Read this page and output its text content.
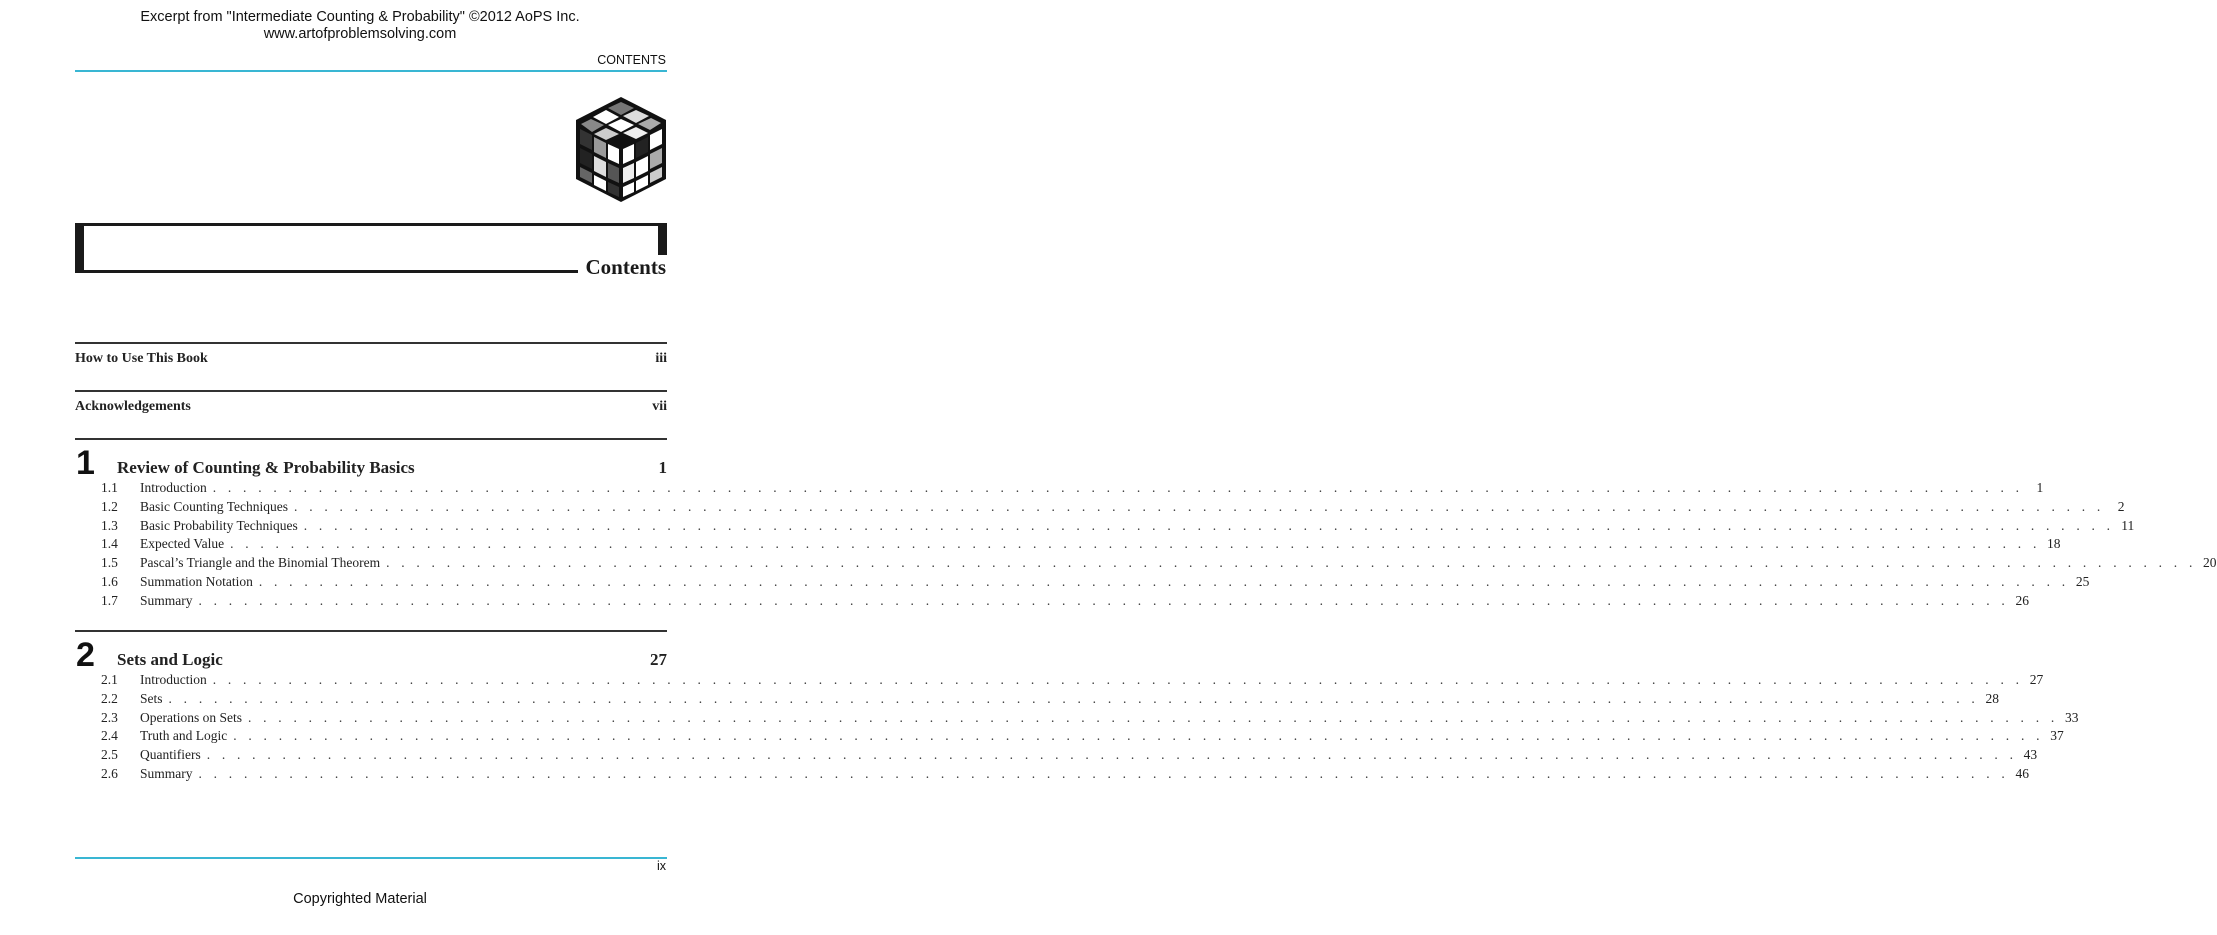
Excerpt from "Intermediate Counting & Probability" ©2012 AoPS Inc.
www.artofproblemsolving.com
CONTENTS
Contents
How to Use This Book	iii
Acknowledgements	vii
1 Review of Counting & Probability Basics	1
1.1	Introduction . . . . . . . . . . . . . . . . . . . . . . . . . . . . . . . . . . . . . . . . . . . . . . . . . . . . . . . . . . . . . . . . . . . . . . . . . . . . . . . . . . . . . . . . . . . . . . . . . . . . . . . . . . . . . . . . . . . . . . . . 1
1.2	Basic Counting Techniques . . . . . . . . . . . . . . . . . . . . . . . . . . . . . . . . . . . . . . . . . . . . . . . . . . . . . . . . . . . . . . . . . . . . . . . . . . . . . . . . . . . . . . . . . . . . . . . . . . . . . . . . . . . . . . . . . . . . . . . . 2
1.3	Basic Probability Techniques . . . . . . . . . . . . . . . . . . . . . . . . . . . . . . . . . . . . . . . . . . . . . . . . . . . . . . . . . . . . . . . . . . . . . . . . . . . . . . . . . . . . . . . . . . . . . . . . . . . . . . . . . . . . . . . . . . . . . . . . 11
1.4	Expected Value . . . . . . . . . . . . . . . . . . . . . . . . . . . . . . . . . . . . . . . . . . . . . . . . . . . . . . . . . . . . . . . . . . . . . . . . . . . . . . . . . . . . . . . . . . . . . . . . . . . . . . . . . . . . . . . . . . . . . . . . 18
1.5	Pascal’s Triangle and the Binomial Theorem . . . . . . . . . . . . . . . . . . . . . . . . . . . . . . . . . . . . . . . . . . . . . . . . . . . . . . . . . . . . . . . . . . . . . . . . . . . . . . . . . . . . . . . . . . . . . . . . . . . . . . . . . . . . . . . . . . . . . . . . 20
1.6	Summation Notation . . . . . . . . . . . . . . . . . . . . . . . . . . . . . . . . . . . . . . . . . . . . . . . . . . . . . . . . . . . . . . . . . . . . . . . . . . . . . . . . . . . . . . . . . . . . . . . . . . . . . . . . . . . . . . . . . . . . . . . . 25
1.7	Summary . . . . . . . . . . . . . . . . . . . . . . . . . . . . . . . . . . . . . . . . . . . . . . . . . . . . . . . . . . . . . . . . . . . . . . . . . . . . . . . . . . . . . . . . . . . . . . . . . . . . . . . . . . . . . . . . . . . . . . . . 26
2 Sets and Logic	27
2.1	Introduction . . . . . . . . . . . . . . . . . . . . . . . . . . . . . . . . . . . . . . . . . . . . . . . . . . . . . . . . . . . . . . . . . . . . . . . . . . . . . . . . . . . . . . . . . . . . . . . . . . . . . . . . . . . . . . . . . . . . . . . . 27
2.2	Sets . . . . . . . . . . . . . . . . . . . . . . . . . . . . . . . . . . . . . . . . . . . . . . . . . . . . . . . . . . . . . . . . . . . . . . . . . . . . . . . . . . . . . . . . . . . . . . . . . . . . . . . . . . . . . . . . . . . . . . . . 28
2.3	Operations on Sets . . . . . . . . . . . . . . . . . . . . . . . . . . . . . . . . . . . . . . . . . . . . . . . . . . . . . . . . . . . . . . . . . . . . . . . . . . . . . . . . . . . . . . . . . . . . . . . . . . . . . . . . . . . . . . . . . . . . . . . . 33
2.4	Truth and Logic . . . . . . . . . . . . . . . . . . . . . . . . . . . . . . . . . . . . . . . . . . . . . . . . . . . . . . . . . . . . . . . . . . . . . . . . . . . . . . . . . . . . . . . . . . . . . . . . . . . . . . . . . . . . . . . . . . . . . . . . 37
2.5	Quantifiers . . . . . . . . . . . . . . . . . . . . . . . . . . . . . . . . . . . . . . . . . . . . . . . . . . . . . . . . . . . . . . . . . . . . . . . . . . . . . . . . . . . . . . . . . . . . . . . . . . . . . . . . . . . . . . . . . . . . . . . . 43
2.6	Summary . . . . . . . . . . . . . . . . . . . . . . . . . . . . . . . . . . . . . . . . . . . . . . . . . . . . . . . . . . . . . . . . . . . . . . . . . . . . . . . . . . . . . . . . . . . . . . . . . . . . . . . . . . . . . . . . . . . . . . . . 46
ix
Copyrighted Material
